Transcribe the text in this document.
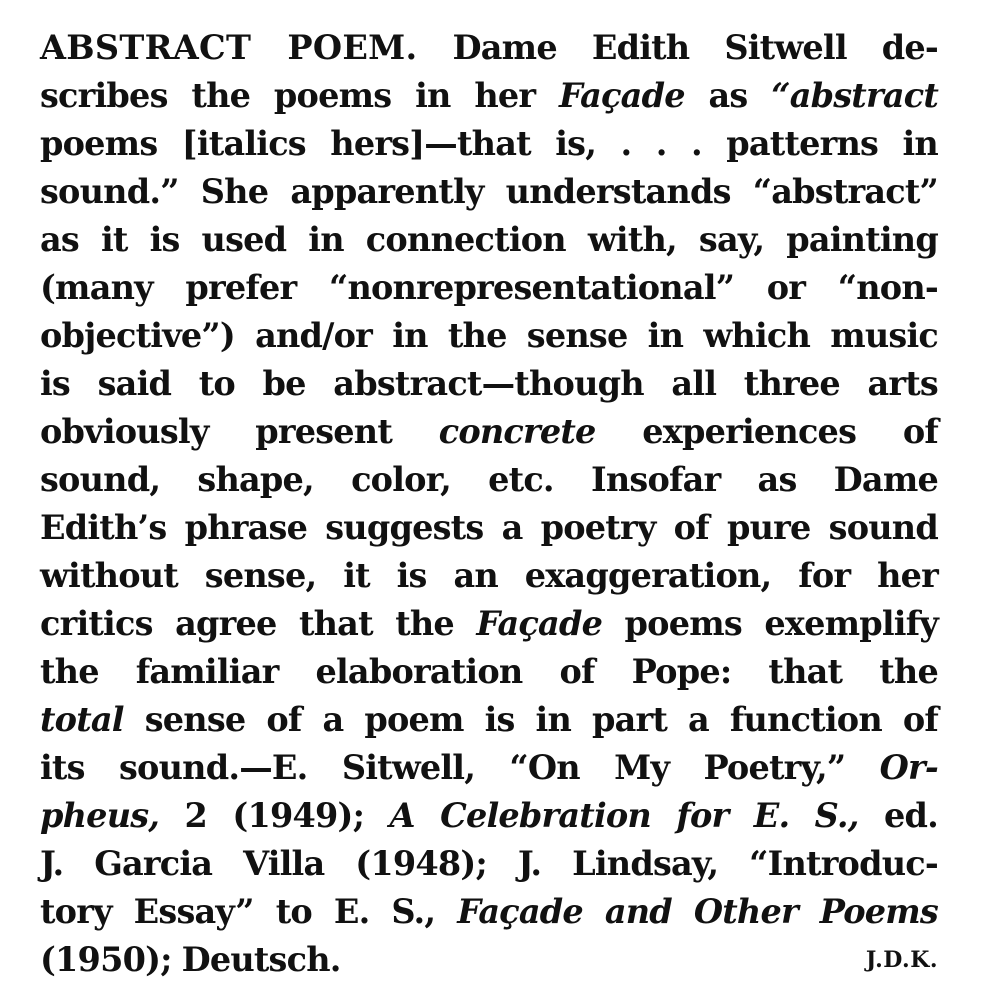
ABSTRACT POEM. Dame Edith Sitwell de-
scribes the poems in her Façade as “abstract
poems [italics hers]—that is, . . . patterns in
sound.” She apparently understands “abstract”
as it is used in connection with, say, painting
(many prefer “nonrepresentational” or “non-
objective”) and/or in the sense in which music
is said to be abstract—though all three arts
obviously present concrete experiences of
sound, shape, color, etc. Insofar as Dame
Edith’s phrase suggests a poetry of pure sound
without sense, it is an exaggeration, for her
critics agree that the Façade poems exemplify
the familiar elaboration of Pope: that the
total sense of a poem is in part a function of
its sound.—E. Sitwell, “On My Poetry,” Or-
pheus, 2 (1949); A Celebration for E. S., ed.
J. Garcia Villa (1948); J. Lindsay, “Introduc-
tory Essay” to E. S., Façade and Other Poems
(1950); Deutsch.	J.D.K.
